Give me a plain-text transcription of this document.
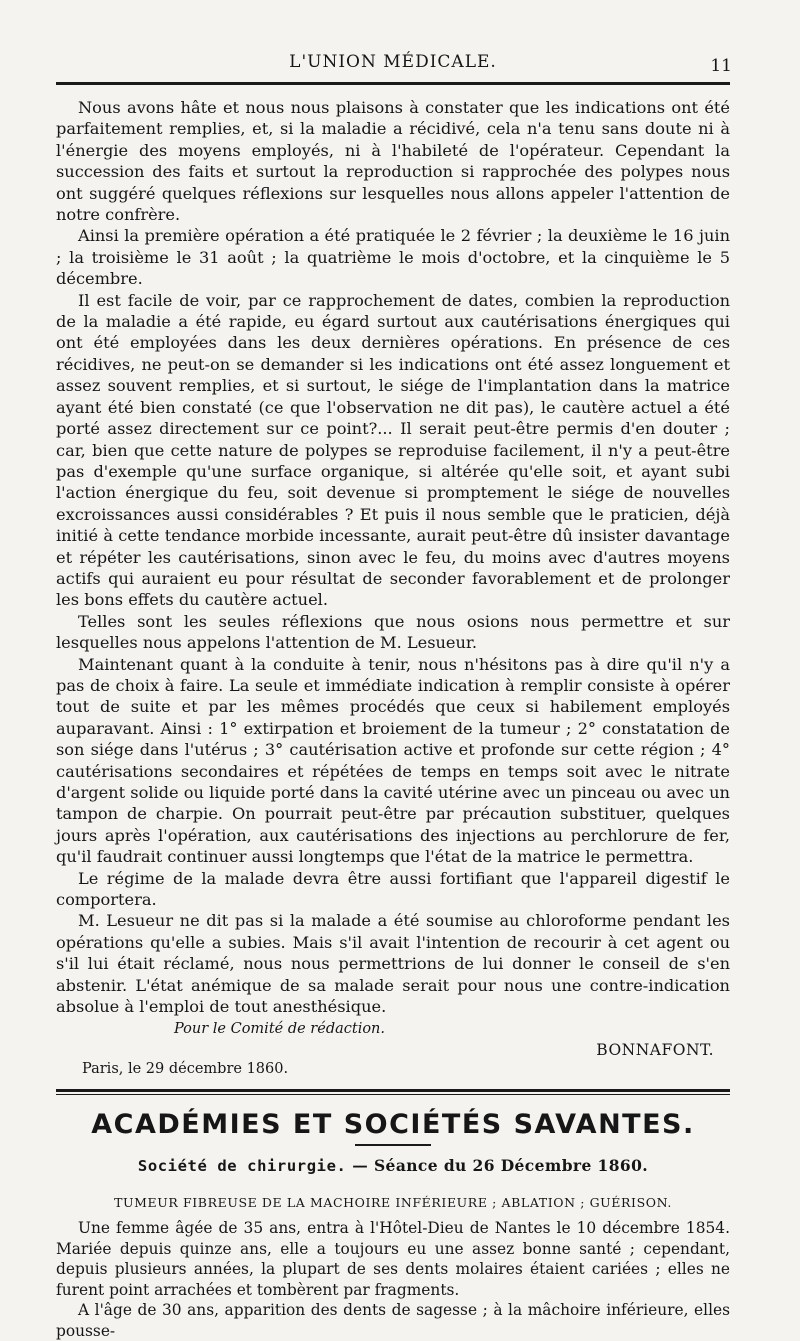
L'UNION MÉDICALE.	11

Nous avons hâte et nous nous plaisons à constater que les indications ont été parfaitement remplies, et, si la maladie a récidivé, cela n'a tenu sans doute ni à l'énergie des moyens employés, ni à l'habileté de l'opérateur. Cependant la succession des faits et surtout la reproduction si rapprochée des polypes nous ont suggéré quelques réflexions sur lesquelles nous allons appeler l'attention de notre confrère.

Ainsi la première opération a été pratiquée le 2 février ; la deuxième le 16 juin ; la troisième le 31 août ; la quatrième le mois d'octobre, et la cinquième le 5 décembre.

Il est facile de voir, par ce rapprochement de dates, combien la reproduction de la maladie a été rapide, eu égard surtout aux cautérisations énergiques qui ont été employées dans les deux dernières opérations. En présence de ces récidives, ne peut-on se demander si les indications ont été assez longuement et assez souvent remplies, et si surtout, le siége de l'implantation dans la matrice ayant été bien constaté (ce que l'observation ne dit pas), le cautère actuel a été porté assez directement sur ce point?... Il serait peut-être permis d'en douter ; car, bien que cette nature de polypes se reproduise facilement, il n'y a peut-être pas d'exemple qu'une surface organique, si altérée qu'elle soit, et ayant subi l'action énergique du feu, soit devenue si promptement le siége de nouvelles excroissances aussi considérables ? Et puis il nous semble que le praticien, déjà initié à cette tendance morbide incessante, aurait peut-être dû insister davantage et répéter les cautérisations, sinon avec le feu, du moins avec d'autres moyens actifs qui auraient eu pour résultat de seconder favorablement et de prolonger les bons effets du cautère actuel.

Telles sont les seules réflexions que nous osions nous permettre et sur lesquelles nous appelons l'attention de M. Lesueur.

Maintenant quant à la conduite à tenir, nous n'hésitons pas à dire qu'il n'y a pas de choix à faire. La seule et immédiate indication à remplir consiste à opérer tout de suite et par les mêmes procédés que ceux si habilement employés auparavant. Ainsi : 1° extirpation et broiement de la tumeur ; 2° constatation de son siége dans l'utérus ; 3° cautérisation active et profonde sur cette région ; 4° cautérisations secondaires et répétées de temps en temps soit avec le nitrate d'argent solide ou liquide porté dans la cavité utérine avec un pinceau ou avec un tampon de charpie. On pourrait peut-être par précaution substituer, quelques jours après l'opération, aux cautérisations des injections au perchlorure de fer, qu'il faudrait continuer aussi longtemps que l'état de la matrice le permettra.

Le régime de la malade devra être aussi fortifiant que l'appareil digestif le comportera.

M. Lesueur ne dit pas si la malade a été soumise au chloroforme pendant les opérations qu'elle a subies. Mais s'il avait l'intention de recourir à cet agent ou s'il lui était réclamé, nous nous permettrions de lui donner le conseil de s'en abstenir. L'état anémique de sa malade serait pour nous une contre-indication absolue à l'emploi de tout anesthésique.

Pour le Comité de rédaction.
BONNAFONT.
Paris, le 29 décembre 1860.
ACADÉMIES ET SOCIÉTÉS SAVANTES.
Société de chirurgie. — Séance du 26 Décembre 1860.
TUMEUR FIBREUSE DE LA MACHOIRE INFÉRIEURE ; ABLATION ; GUÉRISON.

Une femme âgée de 35 ans, entra à l'Hôtel-Dieu de Nantes le 10 décembre 1854. Mariée depuis quinze ans, elle a toujours eu une assez bonne santé ; cependant, depuis plusieurs années, la plupart de ses dents molaires étaient cariées ; elles ne furent point arrachées et tombèrent par fragments.

A l'âge de 30 ans, apparition des dents de sagesse ; à la mâchoire inférieure, elles pousse-
